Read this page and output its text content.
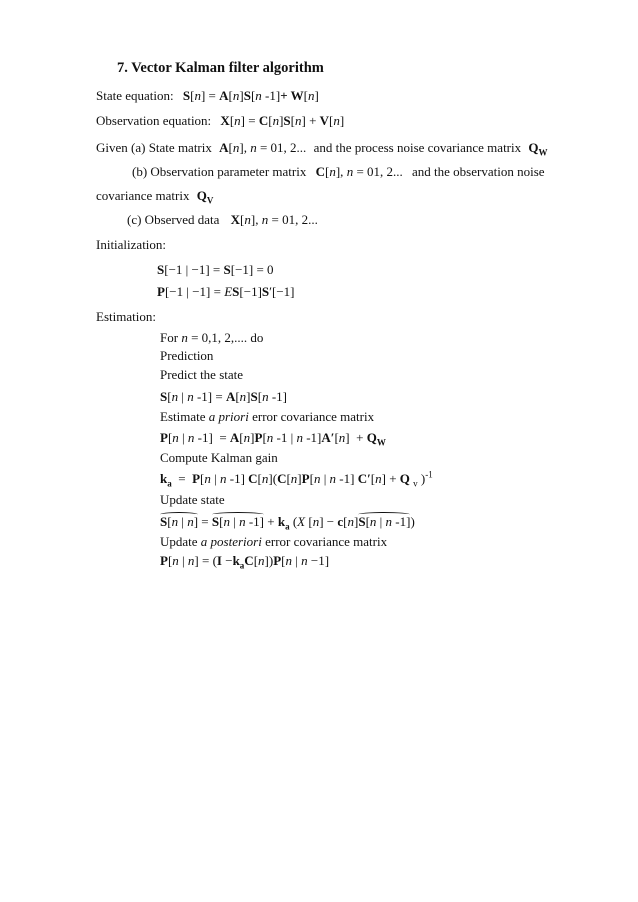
7. Vector Kalman filter algorithm
State equation: S[n] = A[n]S[n -1]+ W[n]
Observation equation: X[n] = C[n]S[n] + V[n]
Given (a) State matrix A[n], n = 01, 2... and the process noise covariance matrix $Q_W$
(b) Observation parameter matrix C[n], n = 01, 2... and the observation noise
covariance matrix $Q_V$
(c) Observed data X[n], n = 01, 2...
Initialization:
S[−1 | −1] = S[−1] = 0
P[−1 | −1] = ES[−1]S′[−1]
Estimation:
For n = 0,1, 2,.... do
Prediction
Predict the state
S[n | n -1] = A[n]S[n -1]
Estimate a priori error covariance matrix
P[n | n -1]  = A[n]P[n -1 | n $-1]A'[n] + Q_W$
Compute Kalman gain
$k_a = P[n$ | n -1] C[n](C[n]P[n | n -1] C′[n] + Q $_v$ )$^{-1}$
Update state
S[n | n] = S[n | n $-1] + k_a$ (X [n] − c[n]S[n | n -1])
Update a posteriori error covariance matrix
P[n | $n] = (I -k_aC[n])P[n$ | n −1]
